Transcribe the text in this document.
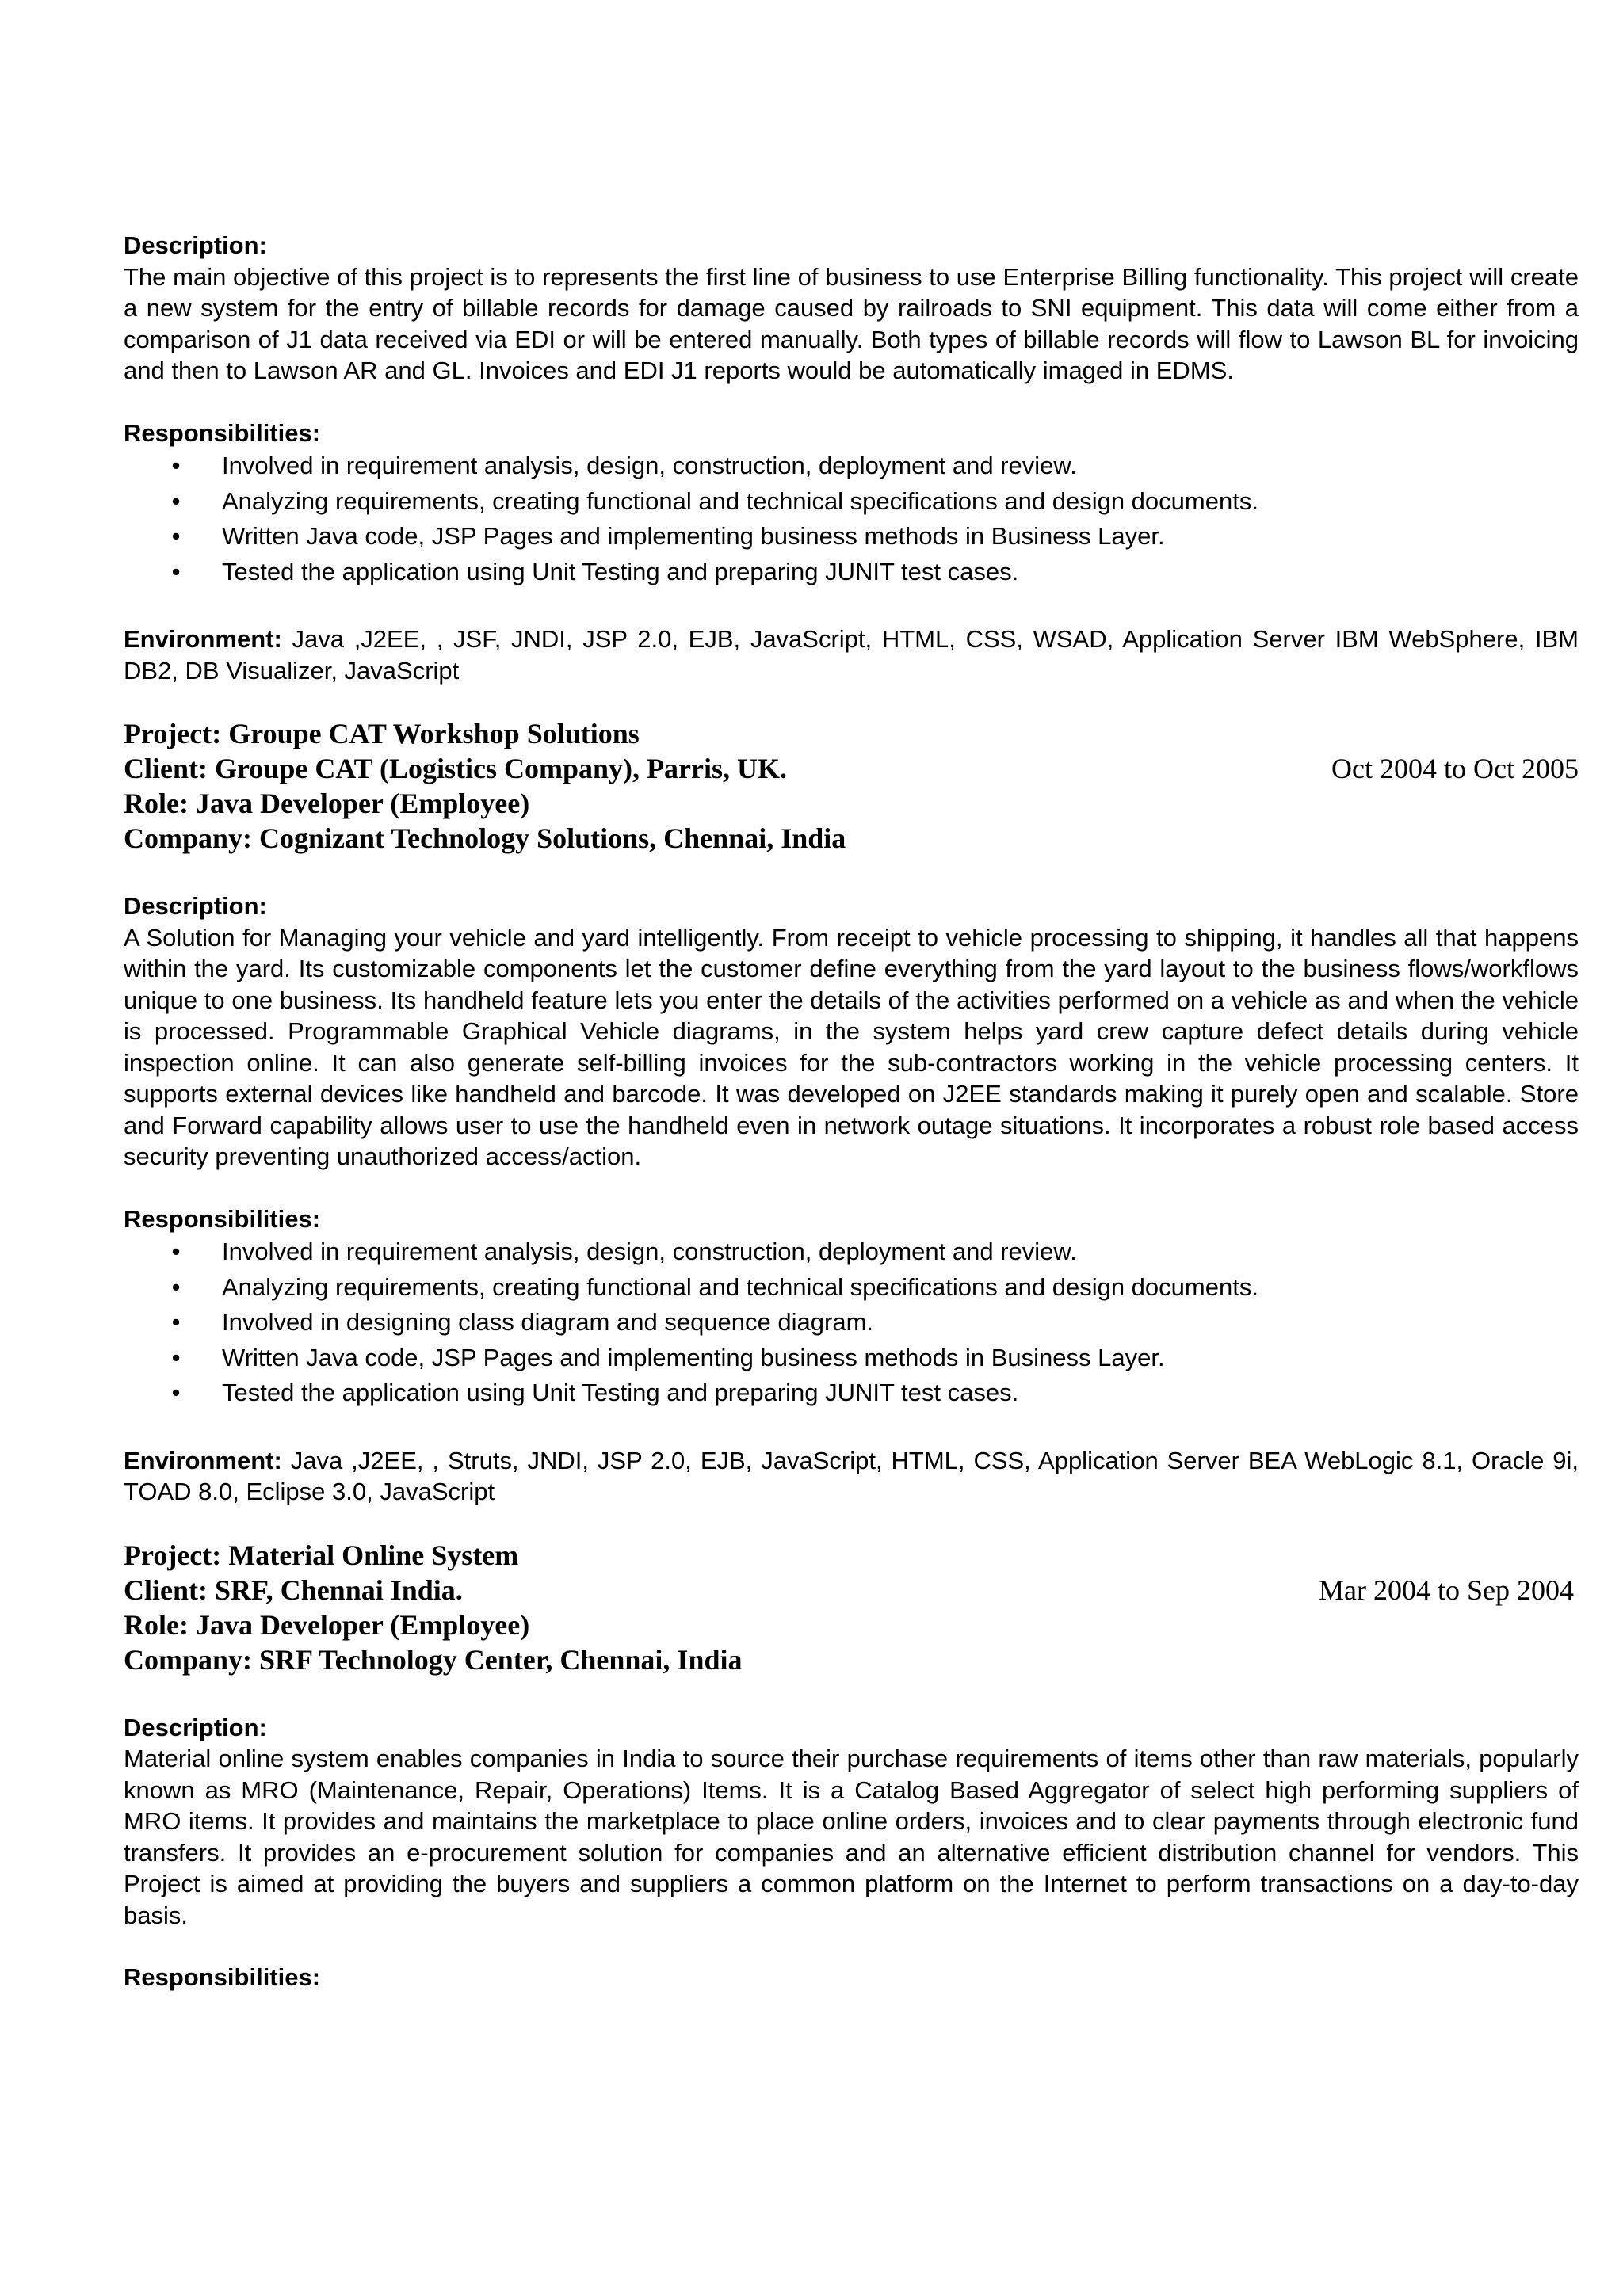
Description:

The main objective of this project is to represents the first line of business to use Enterprise Billing functionality. This project will create a new system for the entry of billable records for damage caused by railroads to SNI equipment. This data will come either from a comparison of J1 data received via EDI or will be entered manually. Both types of billable records will flow to Lawson BL for invoicing and then to Lawson AR and GL. Invoices and EDI J1 reports would be automatically imaged in EDMS.

Responsibilities:
• Involved in requirement analysis, design, construction, deployment and review.
• Analyzing requirements, creating functional and technical specifications and design documents.
• Written Java code, JSP Pages and implementing business methods in Business Layer.
• Tested the application using Unit Testing and preparing JUNIT test cases.

Environment: Java ,J2EE, , JSF, JNDI, JSP 2.0, EJB, JavaScript, HTML, CSS, WSAD, Application Server IBM WebSphere, IBM DB2, DB Visualizer, JavaScript

Project: Groupe CAT Workshop Solutions
Client: Groupe CAT (Logistics Company), Parris, UK.	Oct 2004 to Oct 2005
Role: Java Developer (Employee)
Company: Cognizant Technology Solutions, Chennai, India
Description:

A Solution for Managing your vehicle and yard intelligently. From receipt to vehicle processing to shipping, it handles all that happens within the yard. Its customizable components let the customer define everything from the yard layout to the business flows/workflows unique to one business. Its handheld feature lets you enter the details of the activities performed on a vehicle as and when the vehicle is processed. Programmable Graphical Vehicle diagrams, in the system helps yard crew capture defect details during vehicle inspection online. It can also generate self-billing invoices for the sub-contractors working in the vehicle processing centers. It supports external devices like handheld and barcode. It was developed on J2EE standards making it purely open and scalable. Store and Forward capability allows user to use the handheld even in network outage situations. It incorporates a robust role based access security preventing unauthorized access/action.

Responsibilities:
• Involved in requirement analysis, design, construction, deployment and review.
• Analyzing requirements, creating functional and technical specifications and design documents.
• Involved in designing class diagram and sequence diagram.
• Written Java code, JSP Pages and implementing business methods in Business Layer.
• Tested the application using Unit Testing and preparing JUNIT test cases.

Environment: Java ,J2EE, , Struts, JNDI, JSP 2.0, EJB, JavaScript, HTML, CSS, Application Server BEA WebLogic 8.1, Oracle 9i, TOAD 8.0, Eclipse 3.0, JavaScript

Project: Material Online System
Client: SRF, Chennai India.	Mar 2004 to Sep 2004
Role: Java Developer (Employee)
Company: SRF Technology Center, Chennai, India
Description:

Material online system enables companies in India to source their purchase requirements of items other than raw materials, popularly known as MRO (Maintenance, Repair, Operations) Items. It is a Catalog Based Aggregator of select high performing suppliers of MRO items. It provides and maintains the marketplace to place online orders, invoices and to clear payments through electronic fund transfers. It provides an e-procurement solution for companies and an alternative efficient distribution channel for vendors. This Project is aimed at providing the buyers and suppliers a common platform on the Internet to perform transactions on a day-to-day basis.

Responsibilities:
